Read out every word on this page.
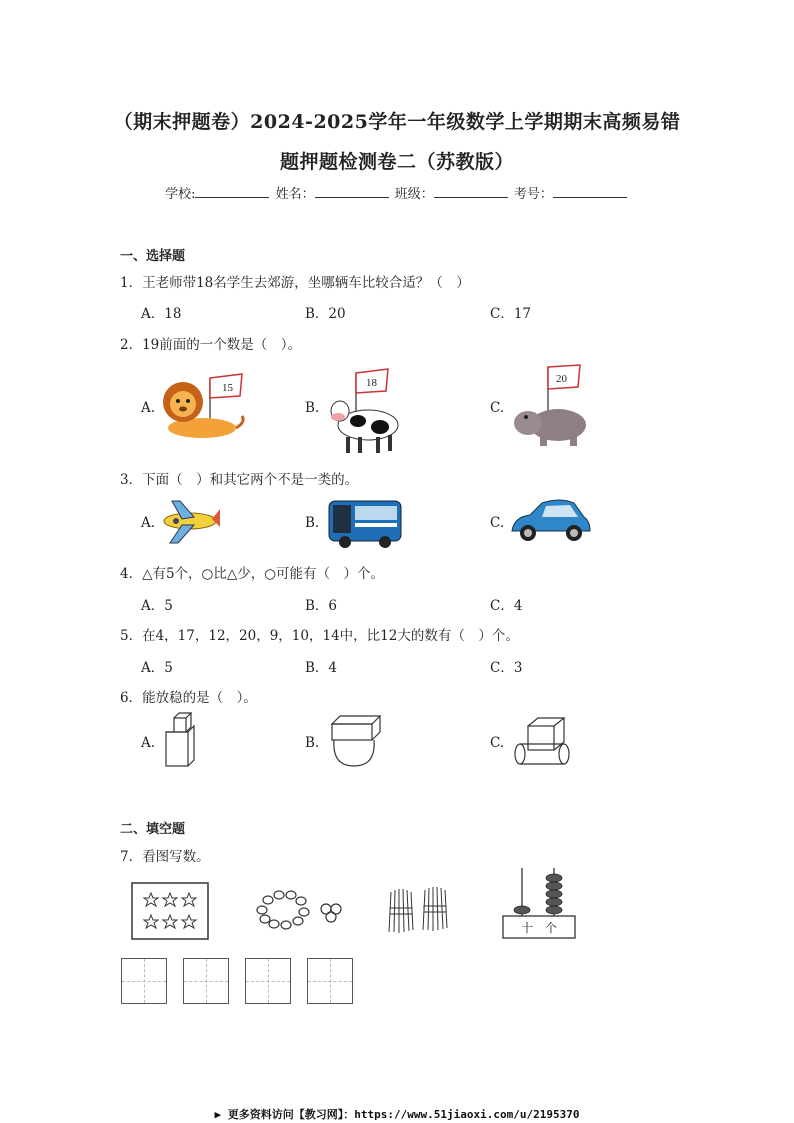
（期末押题卷）2024-2025学年一年级数学上学期期末高频易错
题押题检测卷二（苏教版）
学校:	姓名：	班级：	考号：
一、选择题
1．王老师带18名学生去郊游，坐哪辆车比较合适？（　）
A．18	B．20	C．17
2．19前面的一个数是（　）。
A.	B.	C.
15	18	20
3．下面（　）和其它两个不是一类的。
A.	B.	C.
4．△有5个，○比△少，○可能有（　）个。
A．5	B．6	C．4
5．在4，17，12，20，9，10，14中，比12大的数有（　）个。
A．5	B．4	C．3
6．能放稳的是（　）。
A.	B.	C.
二、填空题
7．看图写数。
十　个
▶ 更多资料访问【教习网】：https://www.51jiaoxi.com/u/2195370
